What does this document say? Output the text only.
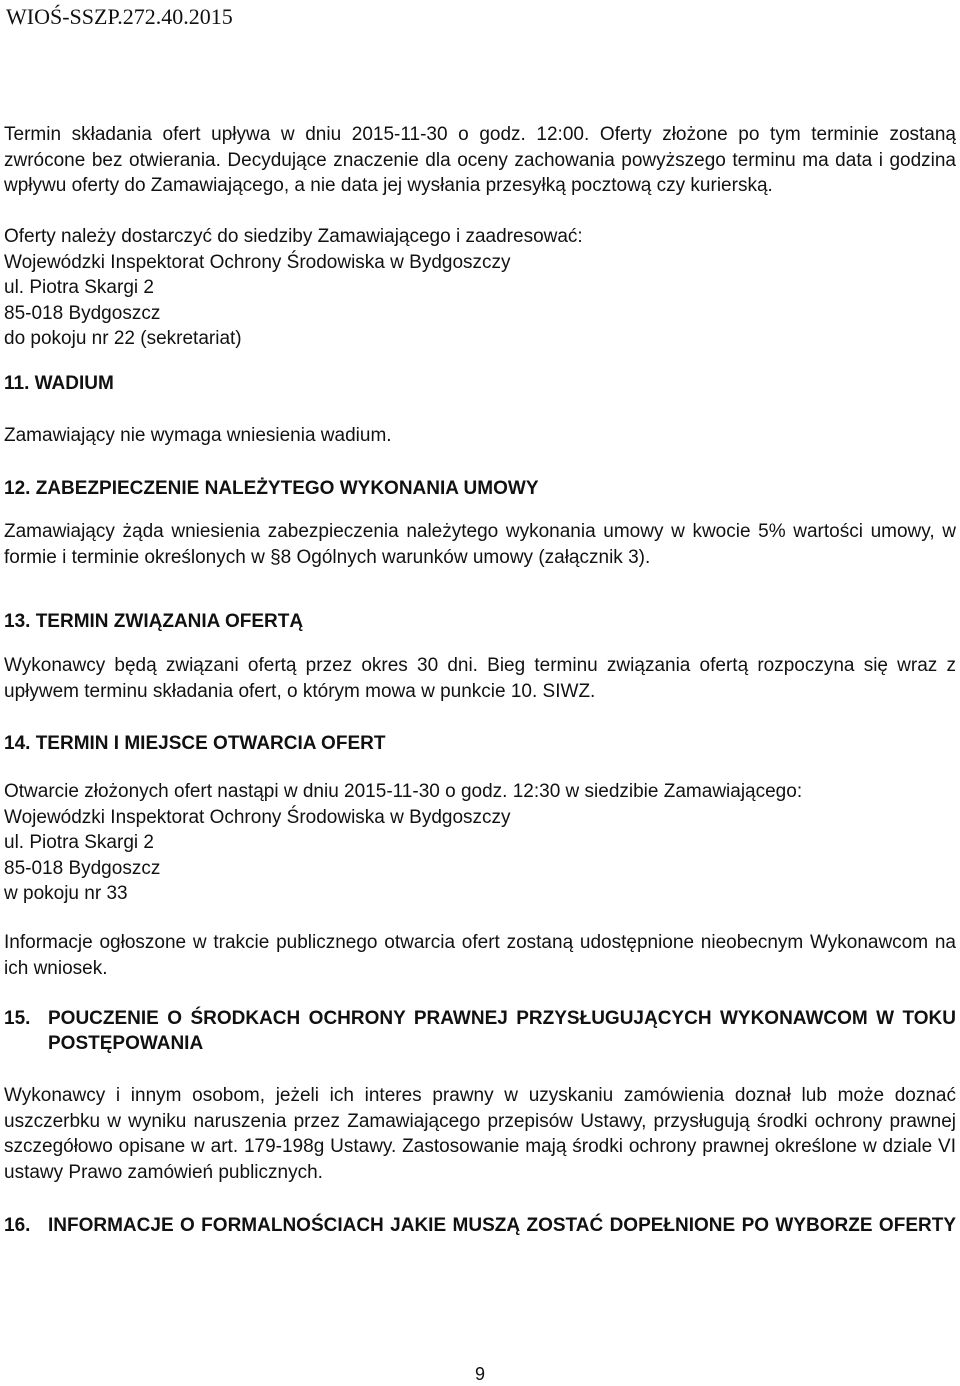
WIOŚ-SSZP.272.40.2015

Termin składania ofert upływa w dniu 2015-11-30 o godz. 12:00. Oferty złożone po tym terminie zostaną zwrócone bez otwierania. Decydujące znaczenie dla oceny zachowania powyższego terminu ma data i godzina wpływu oferty do Zamawiającego, a nie data jej wysłania przesyłką pocztową czy kurierską.

Oferty należy dostarczyć do siedziby Zamawiającego i zaadresować:
Wojewódzki Inspektorat Ochrony Środowiska w Bydgoszczy
ul. Piotra Skargi 2
85-018 Bydgoszcz
do pokoju nr 22 (sekretariat)
11. WADIUM

Zamawiający nie wymaga wniesienia wadium.

12. ZABEZPIECZENIE NALEŻYTEGO WYKONANIA UMOWY

Zamawiający żąda wniesienia zabezpieczenia należytego wykonania umowy w kwocie 5% wartości umowy, w formie i terminie określonych w §8 Ogólnych warunków umowy (załącznik 3).

13. TERMIN ZWIĄZANIA OFERTĄ

Wykonawcy będą związani ofertą przez okres 30 dni. Bieg terminu związania ofertą rozpoczyna się wraz z upływem terminu składania ofert, o którym mowa w punkcie 10. SIWZ.

14. TERMIN I MIEJSCE OTWARCIA OFERT
Otwarcie złożonych ofert nastąpi w dniu 2015-11-30 o godz. 12:30 w siedzibie Zamawiającego:
Wojewódzki Inspektorat Ochrony Środowiska w Bydgoszczy
ul. Piotra Skargi 2
85-018 Bydgoszcz
w pokoju nr 33

Informacje ogłoszone w trakcie publicznego otwarcia ofert zostaną udostępnione nieobecnym Wykonawcom na ich wniosek.

15. POUCZENIE O ŚRODKACH OCHRONY PRAWNEJ PRZYSŁUGUJĄCYCH WYKONAWCOM W TOKU POSTĘPOWANIA

Wykonawcy i innym osobom, jeżeli ich interes prawny w uzyskaniu zamówienia doznał lub może doznać uszczerbku w wyniku naruszenia przez Zamawiającego przepisów Ustawy, przysługują środki ochrony prawnej szczegółowo opisane w art. 179-198g Ustawy. Zastosowanie mają środki ochrony prawnej określone w dziale VI ustawy Prawo zamówień publicznych.

16. INFORMACJE O FORMALNOŚCIACH JAKIE MUSZĄ ZOSTAĆ DOPEŁNIONE PO WYBORZE OFERTY
9
